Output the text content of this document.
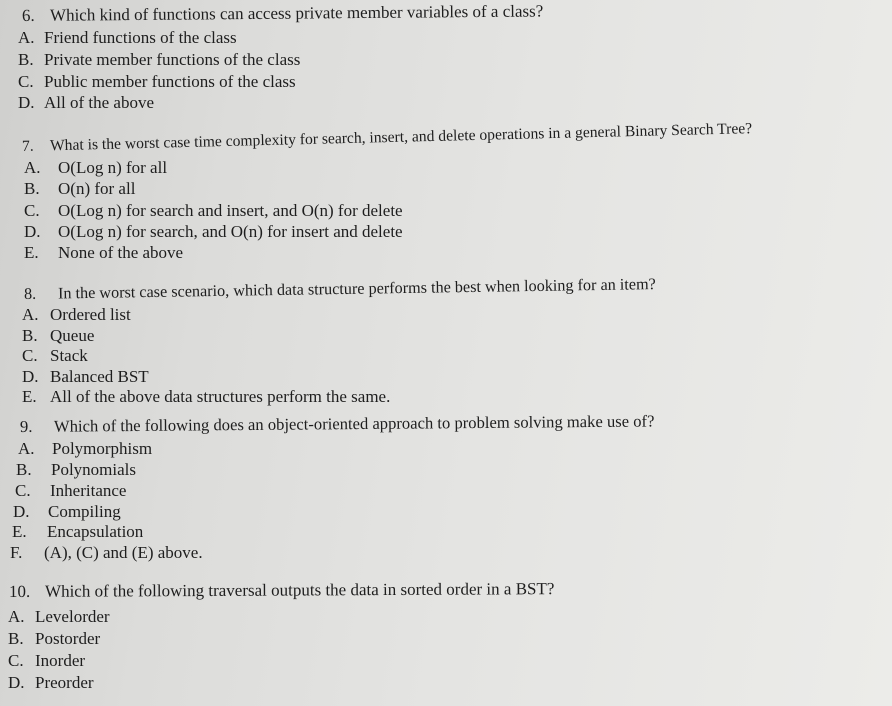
6. Which kind of functions can access private member variables of a class?
A. Friend functions of the class
B. Private member functions of the class
C. Public member functions of the class
D. All of the above
7. What is the worst case time complexity for search, insert, and delete operations in a general Binary Search Tree?
A. O(Log n) for all
B. O(n) for all
C. O(Log n) for search and insert, and O(n) for delete
D. O(Log n) for search, and O(n) for insert and delete
E. None of the above
8. In the worst case scenario, which data structure performs the best when looking for an item?
A. Ordered list
B. Queue
C. Stack
D. Balanced BST
E. All of the above data structures perform the same.
9. Which of the following does an object-oriented approach to problem solving make use of?
A. Polymorphism
B. Polynomials
C. Inheritance
D. Compiling
E. Encapsulation
F. (A), (C) and (E) above.
10. Which of the following traversal outputs the data in sorted order in a BST?
A. Levelorder
B. Postorder
C. Inorder
D. Preorder
